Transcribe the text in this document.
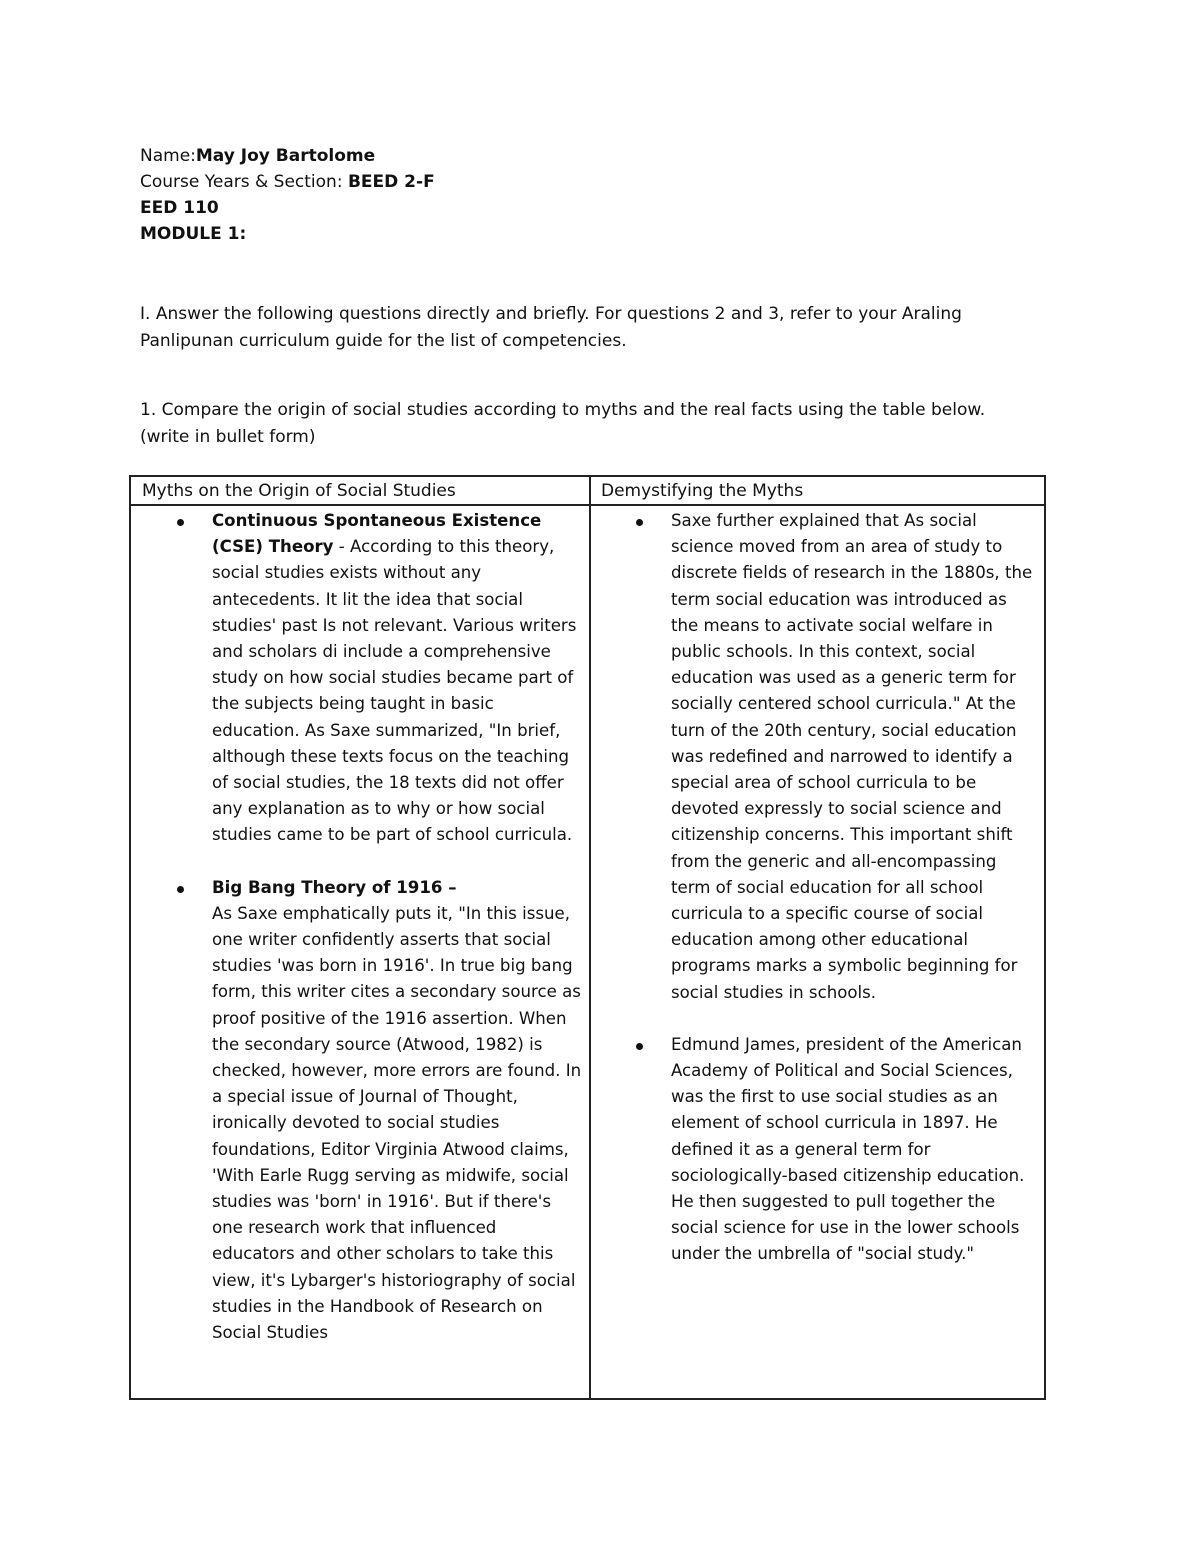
Name:May Joy Bartolome
Course Years & Section: BEED 2-F
EED 110
MODULE 1:
I. Answer the following questions directly and briefly. For questions 2 and 3, refer to your Araling Panlipunan curriculum guide for the list of competencies.
1. Compare the origin of social studies according to myths and the real facts using the table below. (write in bullet form)
Myths on the Origin of Social Studies	Demystifying the Myths
Continuous Spontaneous Existence (CSE) Theory - According to this theory, social studies exists without any antecedents. It lit the idea that social studies' past Is not relevant. Various writers and scholars di include a comprehensive study on how social studies became part of the subjects being taught in basic education. As Saxe summarized, "In brief, although these texts focus on the teaching of social studies, the 18 texts did not offer any explanation as to why or how social studies came to be part of school curricula.
Big Bang Theory of 1916 –
As Saxe emphatically puts it, "In this issue, one writer confidently asserts that social studies 'was born in 1916'. In true big bang form, this writer cites a secondary source as proof positive of the 1916 assertion. When the secondary source (Atwood, 1982) is checked, however, more errors are found. In a special issue of Journal of Thought, ironically devoted to social studies foundations, Editor Virginia Atwood claims, 'With Earle Rugg serving as midwife, social studies was 'born' in 1916'. But if there's one research work that influenced educators and other scholars to take this view, it's Lybarger's historiography of social studies in the Handbook of Research on Social Studies
Saxe further explained that As social science moved from an area of study to discrete fields of research in the 1880s, the term social education was introduced as the means to activate social welfare in public schools. In this context, social education was used as a generic term for socially centered school curricula." At the turn of the 20th century, social education was redefined and narrowed to identify a special area of school curricula to be devoted expressly to social science and citizenship concerns. This important shift from the generic and all-encompassing term of social education for all school curricula to a specific course of social education among other educational programs marks a symbolic beginning for social studies in schools.
Edmund James, president of the American Academy of Political and Social Sciences, was the first to use social studies as an element of school curricula in 1897. He defined it as a general term for sociologically-based citizenship education. He then suggested to pull together the social science for use in the lower schools under the umbrella of "social study."
